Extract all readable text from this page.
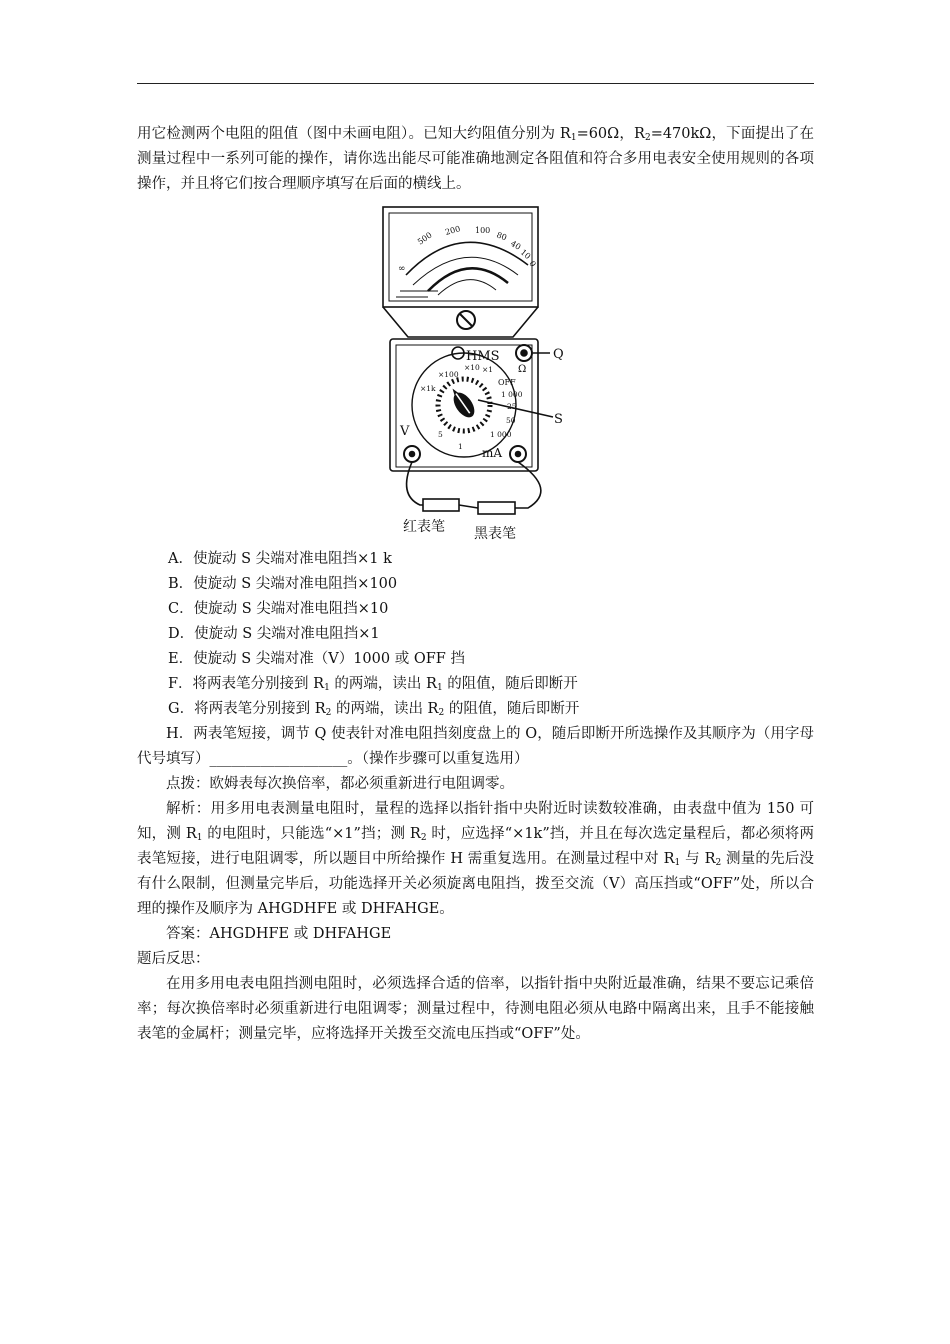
用它检测两个电阻的阻值（图中未画电阻）。已知大约阻值分别为 $R_1=60\Omega$，$R_2=470k\Omega$，下面提出了在测量过程中一系列可能的操作，请你选出能尽可能准确地测定各阻值和符合多用电表安全使用规则的各项操作，并且将它们按合理顺序填写在后面的横线上。
500 200 100 80
40
10
0
∞
HMS	Q
Ω
S
V
mA
×100
×10 ×1
×1k
OFF
1 000
25
50
1 000
5
1
红表笔 黑表笔
A．使旋动 S 尖端对准电阻挡×1 k
B．使旋动 S 尖端对准电阻挡×100
C．使旋动 S 尖端对准电阻挡×10
D．使旋动 S 尖端对准电阻挡×1
E．使旋动 S 尖端对准（V）1000 或 OFF 挡
F．将两表笔分别接到 $R_1$ 的两端，读出 $R_1$ 的阻值，随后即断开
G．将两表笔分别接到 $R_2$ 的两端，读出 $R_2$ 的阻值，随后即断开
H．两表笔短接，调节 Q 使表针对准电阻挡刻度盘上的 O，随后即断开所选操作及其顺序为（用字母代号填写）___________________。（操作步骤可以重复选用）
点拨：欧姆表每次换倍率，都必须重新进行电阻调零。
解析：用多用电表测量电阻时，量程的选择以指针指中央附近时读数较准确，由表盘中值为 150 可知，测 $R_1$ 的电阻时，只能选“×1”挡；测 $R_2$ 时，应选择“×1k”挡，并且在每次选定量程后，都必须将两表笔短接，进行电阻调零，所以题目中所给操作 H 需重复选用。在测量过程中对 $R_1$ 与 $R_2$ 测量的先后没有什么限制，但测量完毕后，功能选择开关必须旋离电阻挡，拨至交流（V）高压挡或“OFF”处，所以合理的操作及顺序为 AHGDHFE 或 DHFAHGE。
答案：AHGDHFE 或 DHFAHGE
题后反思：
在用多用电表电阻挡测电阻时，必须选择合适的倍率，以指针指中央附近最准确，结果不要忘记乘倍率；每次换倍率时必须重新进行电阻调零；测量过程中，待测电阻必须从电路中隔离出来，且手不能接触表笔的金属杆；测量完毕，应将选择开关拨至交流电压挡或“OFF”处。
